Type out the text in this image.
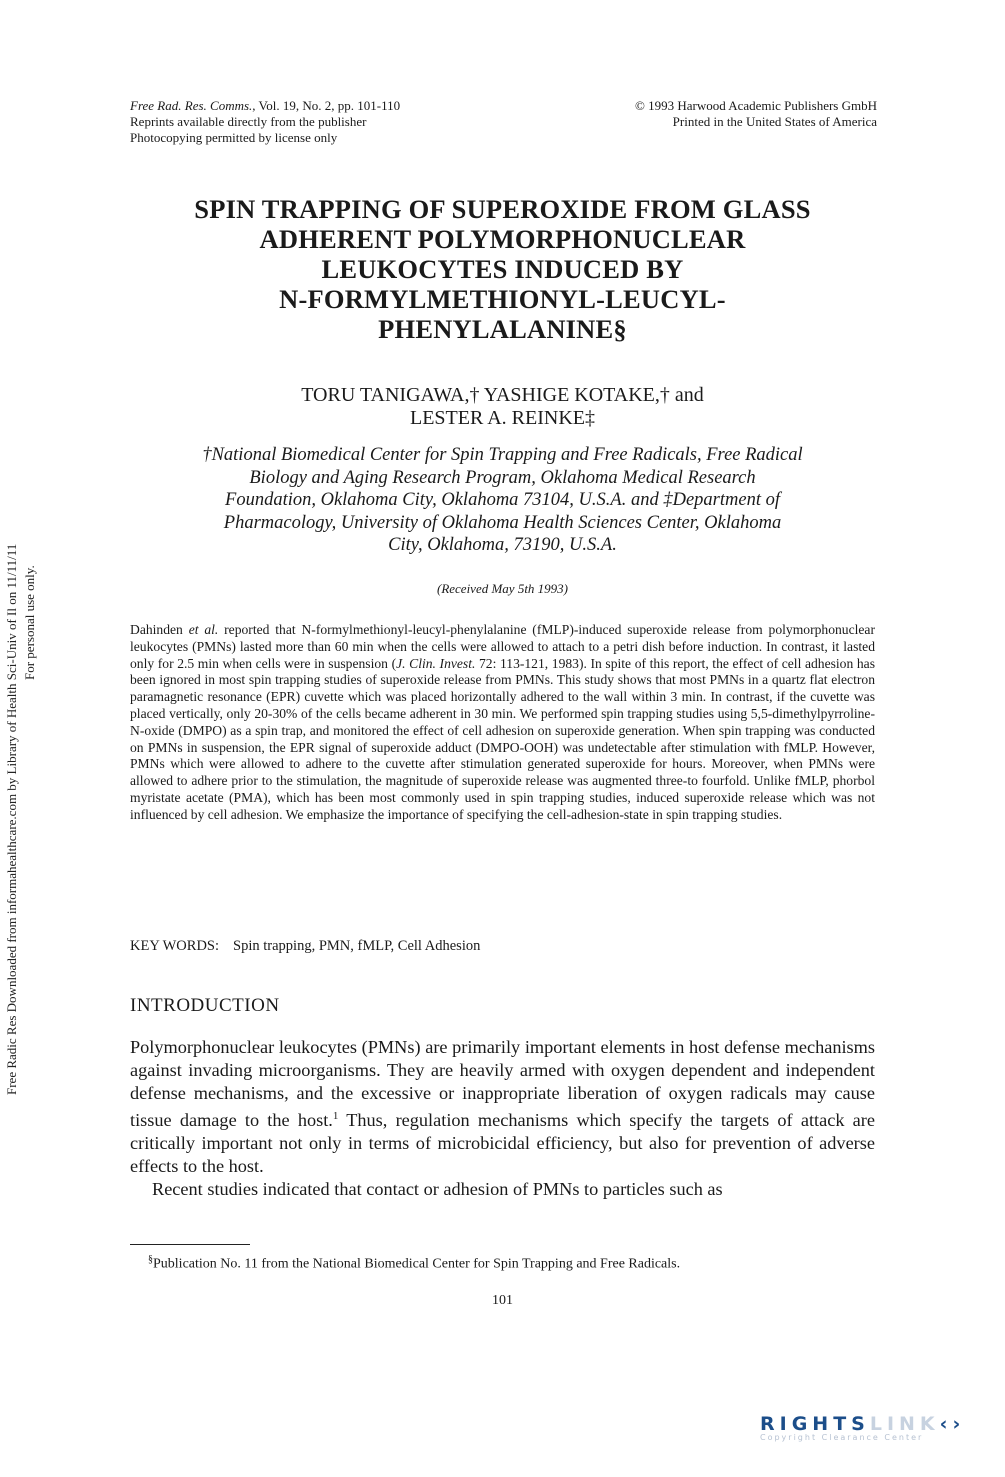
Free Rad. Res. Comms., Vol. 19, No. 2, pp. 101-110
Reprints available directly from the publisher
Photocopying permitted by license only
© 1993 Harwood Academic Publishers GmbH
Printed in the United States of America
Free Radic Res Downloaded from informahealthcare.com by Library of Health Sci-Univ of Il on 11/11/11 For personal use only.
SPIN TRAPPING OF SUPEROXIDE FROM GLASS
ADHERENT POLYMORPHONUCLEAR
LEUKOCYTES INDUCED BY
N-FORMYLMETHIONYL-LEUCYL-
PHENYLALANINE§
TORU TANIGAWA,† YASHIGE KOTAKE,† and
LESTER A. REINKE‡
†National Biomedical Center for Spin Trapping and Free Radicals, Free Radical
Biology and Aging Research Program, Oklahoma Medical Research
Foundation, Oklahoma City, Oklahoma 73104, U.S.A. and ‡Department of
Pharmacology, University of Oklahoma Health Sciences Center, Oklahoma
City, Oklahoma, 73190, U.S.A.
(Received May 5th 1993)
Dahinden et al. reported that N-formylmethionyl-leucyl-phenylalanine (fMLP)-induced superoxide release from polymorphonuclear leukocytes (PMNs) lasted more than 60 min when the cells were allowed to attach to a petri dish before induction. In contrast, it lasted only for 2.5 min when cells were in suspension (J. Clin. Invest. 72: 113-121, 1983). In spite of this report, the effect of cell adhesion has been ignored in most spin trapping studies of superoxide release from PMNs. This study shows that most PMNs in a quartz flat electron paramagnetic resonance (EPR) cuvette which was placed horizontally adhered to the wall within 3 min. In contrast, if the cuvette was placed vertically, only 20-30% of the cells became adherent in 30 min. We performed spin trapping studies using 5,5-dimethylpyrroline-N-oxide (DMPO) as a spin trap, and monitored the effect of cell adhesion on superoxide generation. When spin trapping was conducted on PMNs in suspension, the EPR signal of superoxide adduct (DMPO-OOH) was undetectable after stimulation with fMLP. However, PMNs which were allowed to adhere to the cuvette after stimulation generated superoxide for hours. Moreover, when PMNs were allowed to adhere prior to the stimulation, the magnitude of superoxide release was augmented three-to fourfold. Unlike fMLP, phorbol myristate acetate (PMA), which has been most commonly used in spin trapping studies, induced superoxide release which was not influenced by cell adhesion. We emphasize the importance of specifying the cell-adhesion-state in spin trapping studies.
KEY WORDS: Spin trapping, PMN, fMLP, Cell Adhesion
INTRODUCTION

Polymorphonuclear leukocytes (PMNs) are primarily important elements in host defense mechanisms against invading microorganisms. They are heavily armed with oxygen dependent and independent defense mechanisms, and the excessive or inappropriate liberation of oxygen radicals may cause tissue damage to the host.$^1$ Thus, regulation mechanisms which specify the targets of attack are critically important not only in terms of microbicidal efficiency, but also for prevention of adverse effects to the host.

Recent studies indicated that contact or adhesion of PMNs to particles such as

§Publication No. 11 from the National Biomedical Center for Spin Trapping and Free Radicals.
101
RIGHTSLINK‹›
Copyright Clearance Center
